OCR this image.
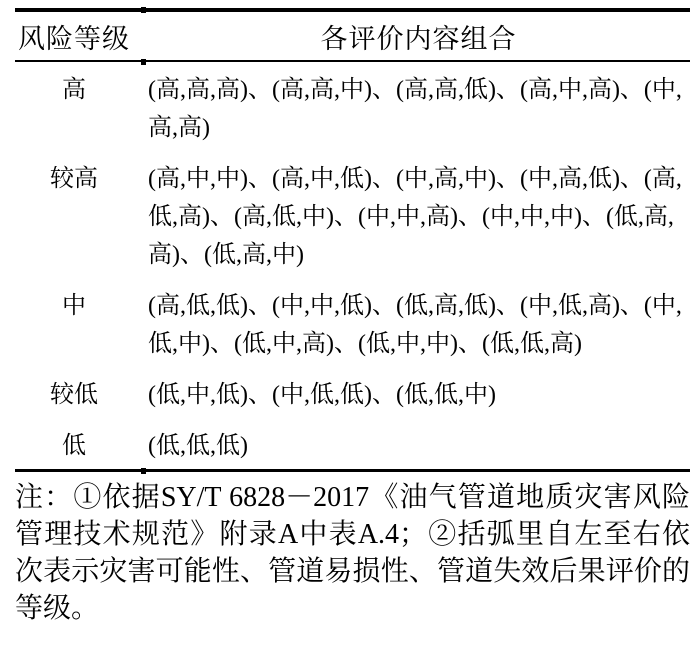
风险等级	各评价内容组合
高	(高,高,高)、(高,高,中)、(高,高,低)、(高,中,高)、(中,高,高)
较高	(高,中,中)、(高,中,低)、(中,高,中)、(中,高,低)、(高,低,高)、(高,低,中)、(中,中,高)、(中,中,中)、(低,高,高)、(低,高,中)
中	(高,低,低)、(中,中,低)、(低,高,低)、(中,低,高)、(中,低,中)、(低,中,高)、(低,中,中)、(低,低,高)
较低	(低,中,低)、(中,低,低)、(低,低,中)
低	(低,低,低)
注：①依据SY/T 6828－2017《油气管道地质灾害风险管理技术规范》附录A中表A.4；②括弧里自左至右依次表示灾害可能性、管道易损性、管道失效后果评价的等级。
